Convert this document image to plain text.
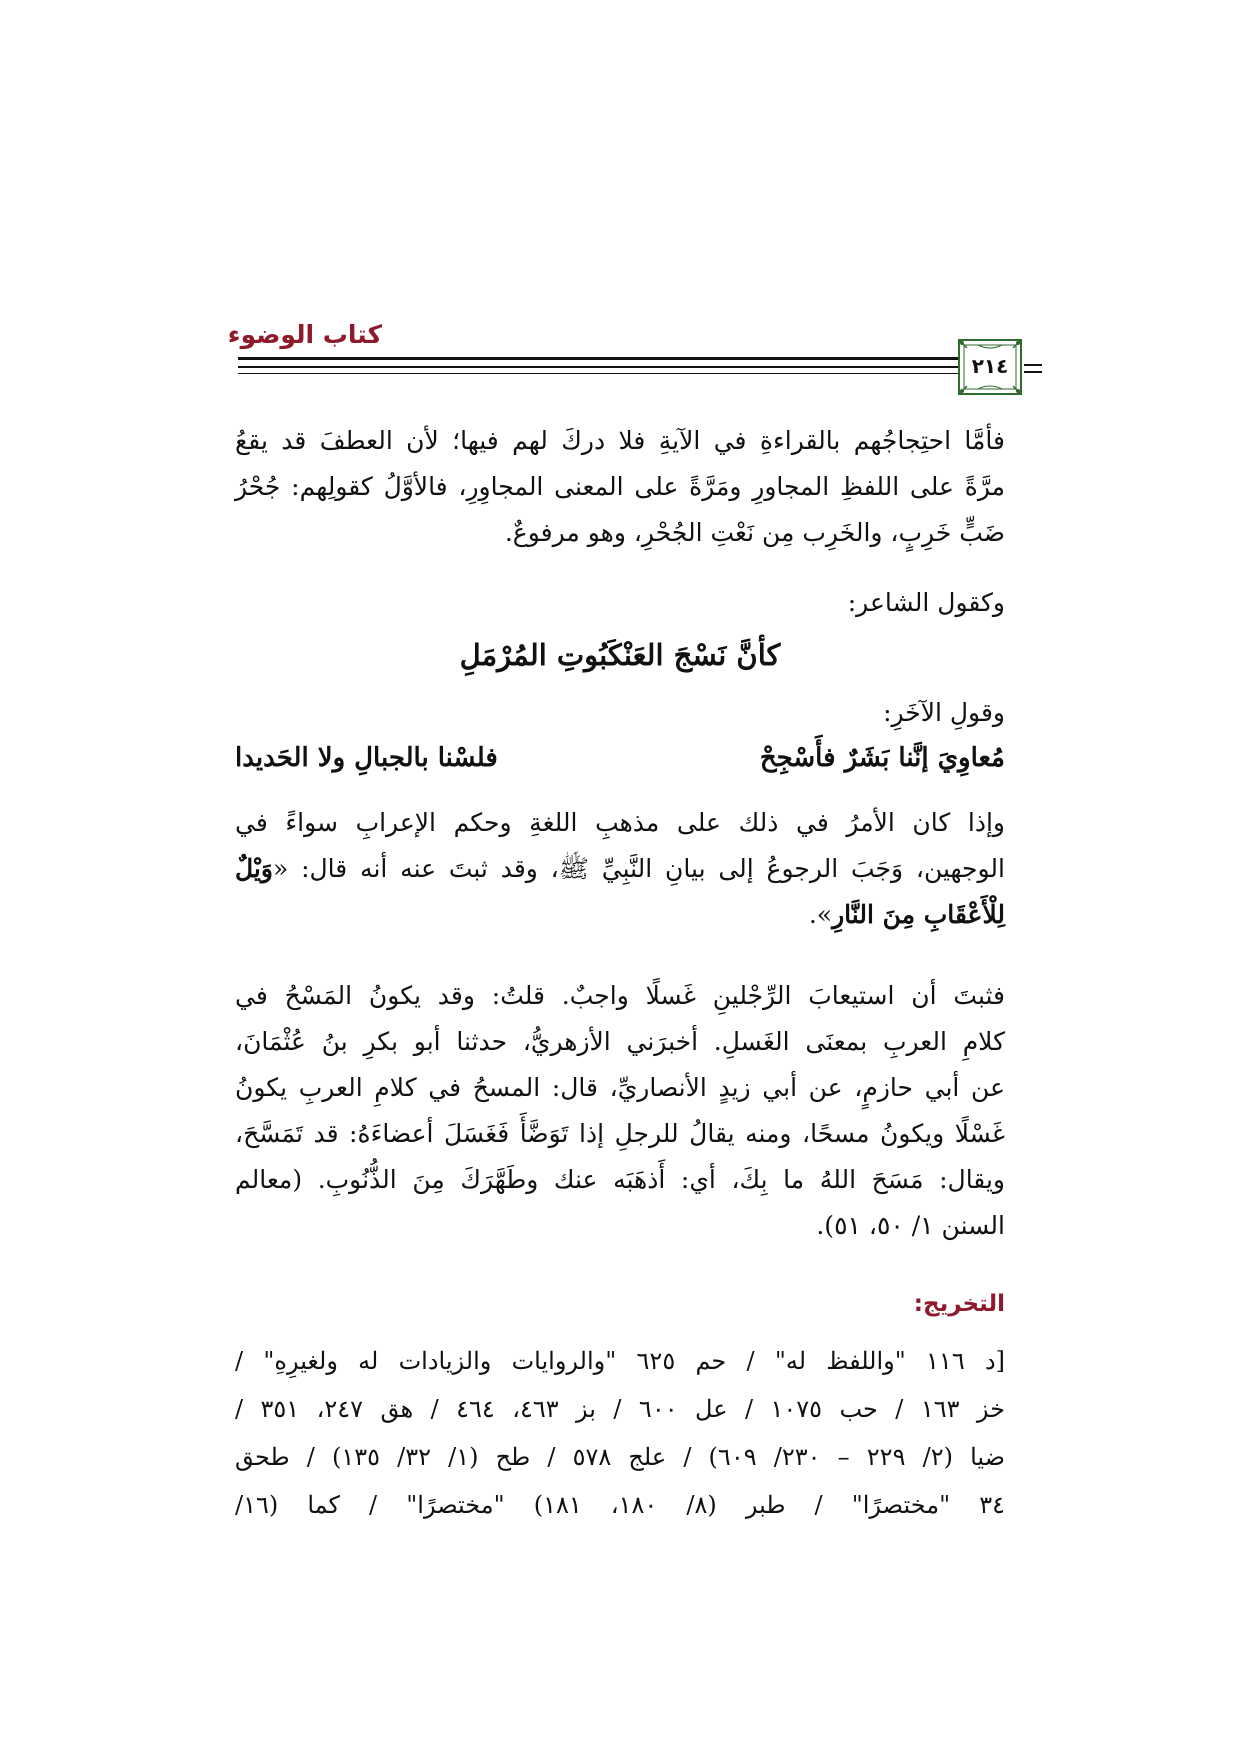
كتاب الوضوء
٢١٤
فأمَّا احتِجاجُهم بالقراءةِ في الآيةِ فلا دركَ لهم فيها؛ لأن العطفَ قد يقعُ
مرَّةً على اللفظِ المجاورِ ومَرَّةً على المعنى المجاوِرِ، فالأوَّلُ كقولِهم: جُحْرُ
ضَبٍّ خَرِبٍ، والخَرِب مِن نَعْتِ الجُحْرِ، وهو مرفوعٌ.
وكقول الشاعر:
كأنَّ نَسْجَ العَنْكَبُوتِ المُرْمَلِ
وقولِ الآخَرِ:
مُعاوِيَ إنَّنا بَشَرٌ فأَسْجِحْ
فلسْنا بالجبالِ ولا الحَديدا
وإذا كان الأمرُ في ذلك على مذهبِ اللغةِ وحكم الإعرابِ سواءً في
الوجهين، وَجَبَ الرجوعُ إلى بيانِ النَّبِيِّ ﷺ، وقد ثبتَ عنه أنه قال: «وَيْلٌ
لِلْأَعْقَابِ مِنَ النَّارِ».
فثبتَ أن استيعابَ الرِّجْلينِ غَسلًا واجبٌ. قلتُ: وقد يكونُ المَسْحُ في
كلامِ العربِ بمعنَى الغَسلِ. أخبرَني الأزهريُّ، حدثنا أبو بكرِ بنُ عُثْمَانَ،
عن أبي حازمٍ، عن أبي زيدٍ الأنصاريِّ، قال: المسحُ في كلامِ العربِ يكونُ
غَسْلًا ويكونُ مسحًا، ومنه يقالُ للرجلِ إذا تَوَضَّأَ فَغَسَلَ أعضاءَهُ: قد تَمَسَّحَ،
ويقال: مَسَحَ اللهُ ما بِكَ، أي: أَذهَبَه عنك وطَهَّرَكَ مِنَ الذُّنُوبِ. (معالم
السنن ١/ ٥٠، ٥١).
التخريج:
[د ١١٦ "واللفظ له" / حم ٦٢٥ "والروايات والزيادات له ولغيرِهِ" /
خز ١٦٣ / حب ١٠٧٥ / عل ٦٠٠ / بز ٤٦٣، ٤٦٤ / هق ٢٤٧، ٣٥١ /
ضيا (٢/ ٢٢٩ – ٢٣٠/ ٦٠٩) / علج ٥٧٨ / طح (١/ ٣٢/ ١٣٥) / طحق
٣٤ "مختصرًا" / طبر (٨/ ١٨٠، ١٨١) "مختصرًا" / كما (١٦/
